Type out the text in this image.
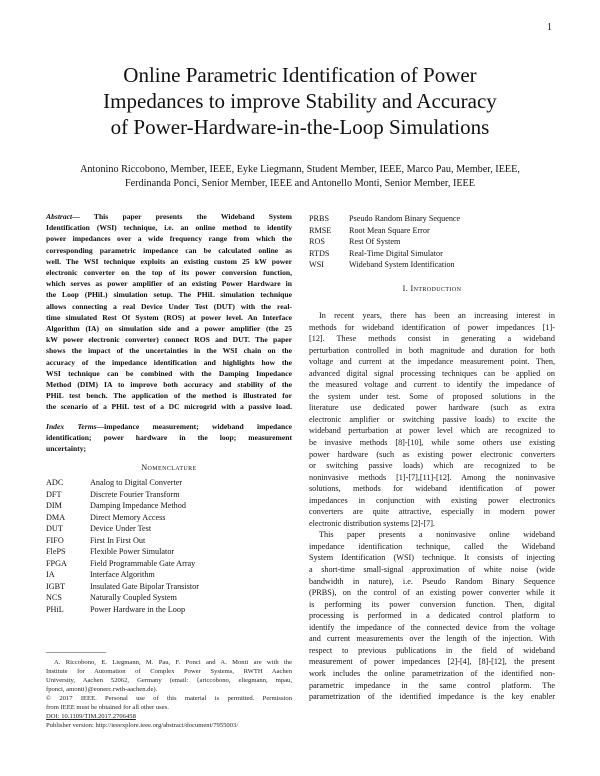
1
Online Parametric Identification of Power
Impedances to improve Stability and Accuracy
of Power-Hardware-in-the-Loop Simulations
Antonino Riccobono, Member, IEEE, Eyke Liegmann, Student Member, IEEE, Marco Pau, Member, IEEE,
Ferdinanda Ponci, Senior Member, IEEE and Antonello Monti, Senior Member, IEEE
Abstract— This paper presents the Wideband System
Identification (WSI) technique, i.e. an online method to identify
power impedances over a wide frequency range from which the
corresponding parametric impedance can be calculated online as
well. The WSI technique exploits an existing custom 25 kW power
electronic converter on the top of its power conversion function,
which serves as power amplifier of an existing Power Hardware in
the Loop (PHiL) simulation setup. The PHiL simulation technique
allows connecting a real Device Under Test (DUT) with the real-
time simulated Rest Of System (ROS) at power level. An Interface
Algorithm (IA) on simulation side and a power amplifier (the 25
kW power electronic converter) connect ROS and DUT. The paper
shows the impact of the uncertainties in the WSI chain on the
accuracy of the impedance identification and highlights how the
WSI technique can be combined with the Damping Impedance
Method (DIM) IA to improve both accuracy and stability of the
PHiL test bench. The application of the method is illustrated for
the scenario of a PHiL test of a DC microgrid with a passive load.
Index Terms—impedance measurement; wideband impedance
identification; power hardware in the loop; measurement
uncertainty;
Nomenclature
ADC	Analog to Digital Converter
DFT	Discrete Fourier Transform
DIM	Damping Impedance Method
DMA	Direct Memory Access
DUT	Device Under Test
FIFO	First In First Out
FlePS	Flexible Power Simulator
FPGA	Field Programmable Gate Array
IA	Interface Algorithm
IGBT	Insulated Gate Bipolar Transistor
NCS	Naturally Coupled System
PHiL	Power Hardware in the Loop
A. Riccobono, E. Liegmann, M. Pau, F. Ponci and A. Monti are with the
Institute for Automation of Complex Power Systems, RWTH Aachen
University, Aachen 52062, Germany (email: {ariccobono, eliegmann, mpau,
fponci, amonti}@eonerc.rwth-aachen.de).
© 2017 IEEE. Personal use of this material is permitted. Permission
from IEEE must be obtained for all other uses.
DOI: 10.1109/TIM.2017.2706458
Publisher version: http://ieeexplore.ieee.org/abstract/document/7955003/
PRBS	Pseudo Random Binary Sequence
RMSE	Root Mean Square Error
ROS	Rest Of System
RTDS	Real-Time Digital Simulator
WSI	Wideband System Identification
I. Introduction

In recent years, there has been an increasing interest in
methods for wideband identification of power impedances [1]-
[12]. These methods consist in generating a wideband
perturbation controlled in both magnitude and duration for both
voltage and current at the impedance measurement point. Then,
advanced digital signal processing techniques can be applied on
the measured voltage and current to identify the impedance of
the system under test. Some of proposed solutions in the
literature use dedicated power hardware (such as extra
electronic amplifier or switching passive loads) to excite the
wideband perturbation at power level which are recognized to
be invasive methods [8]-[10], while some others use existing
power hardware (such as existing power electronic converters
or switching passive loads) which are recognized to be
noninvasive methods [1]-[7],[11]-[12]. Among the noninvasive
solutions, methods for wideband identification of power
impedances in conjunction with existing power electronics
converters are quite attractive, especially in modern power
electronic distribution systems [2]-[7].

This paper presents a noninvasive online wideband
impedance identification technique, called the Wideband
System Identification (WSI) technique. It consists of injecting
a short-time small-signal approximation of white noise (wide
bandwidth in nature), i.e. Pseudo Random Binary Sequence
(PRBS), on the control of an existing power converter while it
is performing its power conversion function. Then, digital
processing is performed in a dedicated control platform to
identify the impedance of the connected device from the voltage
and current measurements over the length of the injection. With
respect to previous publications in the field of wideband
measurement of power impedances [2]-[4], [8]-[12], the present
work includes the online parametrization of the identified non-
parametric impedance in the same control platform. The
parametrization of the identified impedance is the key enabler
